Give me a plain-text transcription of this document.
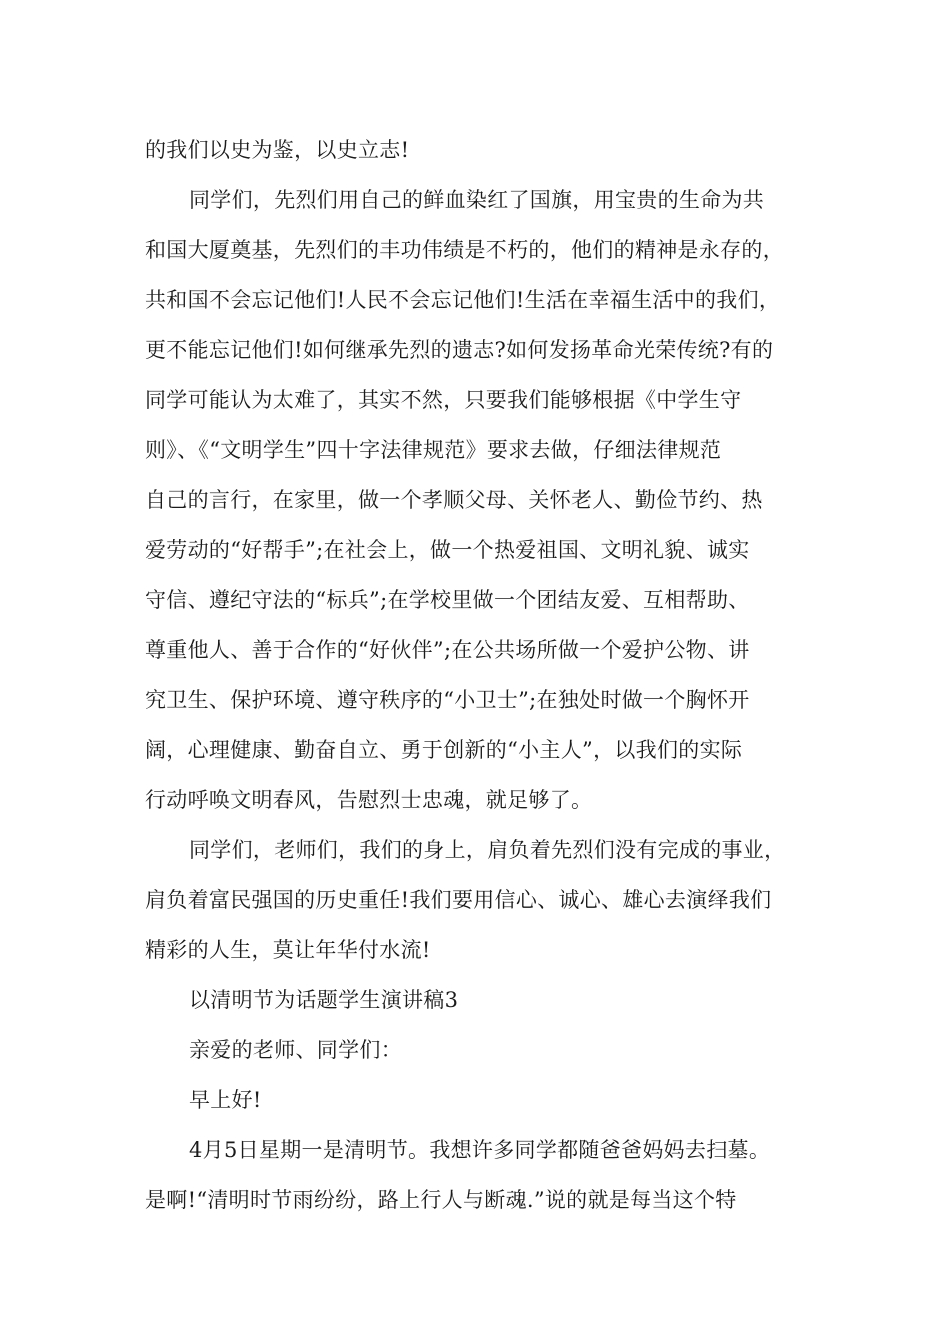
的我们以史为鉴，以史立志!
同学们，先烈们用自己的鲜血染红了国旗，用宝贵的生命为共
和国大厦奠基，先烈们的丰功伟绩是不朽的，他们的精神是永存的，
共和国不会忘记他们!人民不会忘记他们!生活在幸福生活中的我们，
更不能忘记他们!如何继承先烈的遗志?如何发扬革命光荣传统?有的
同学可能认为太难了，其实不然，只要我们能够根据《中学生守
则》、《“文明学生”四十字法律规范》要求去做，仔细法律规范
自己的言行，在家里，做一个孝顺父母、关怀老人、勤俭节约、热
爱劳动的“好帮手”;在社会上，做一个热爱祖国、文明礼貌、诚实
守信、遵纪守法的“标兵”;在学校里做一个团结友爱、互相帮助、
尊重他人、善于合作的“好伙伴”;在公共场所做一个爱护公物、讲
究卫生、保护环境、遵守秩序的“小卫士”;在独处时做一个胸怀开
阔，心理健康、勤奋自立、勇于创新的“小主人”，以我们的实际
行动呼唤文明春风，告慰烈士忠魂，就足够了。
同学们，老师们，我们的身上，肩负着先烈们没有完成的事业，
肩负着富民强国的历史重任!我们要用信心、诚心、雄心去演绎我们
精彩的人生，莫让年华付水流!
以清明节为话题学生演讲稿3
亲爱的老师、同学们：
早上好!
4月5日星期一是清明节。我想许多同学都随爸爸妈妈去扫墓。
是啊!“清明时节雨纷纷，路上行人与断魂.”说的就是每当这个特
